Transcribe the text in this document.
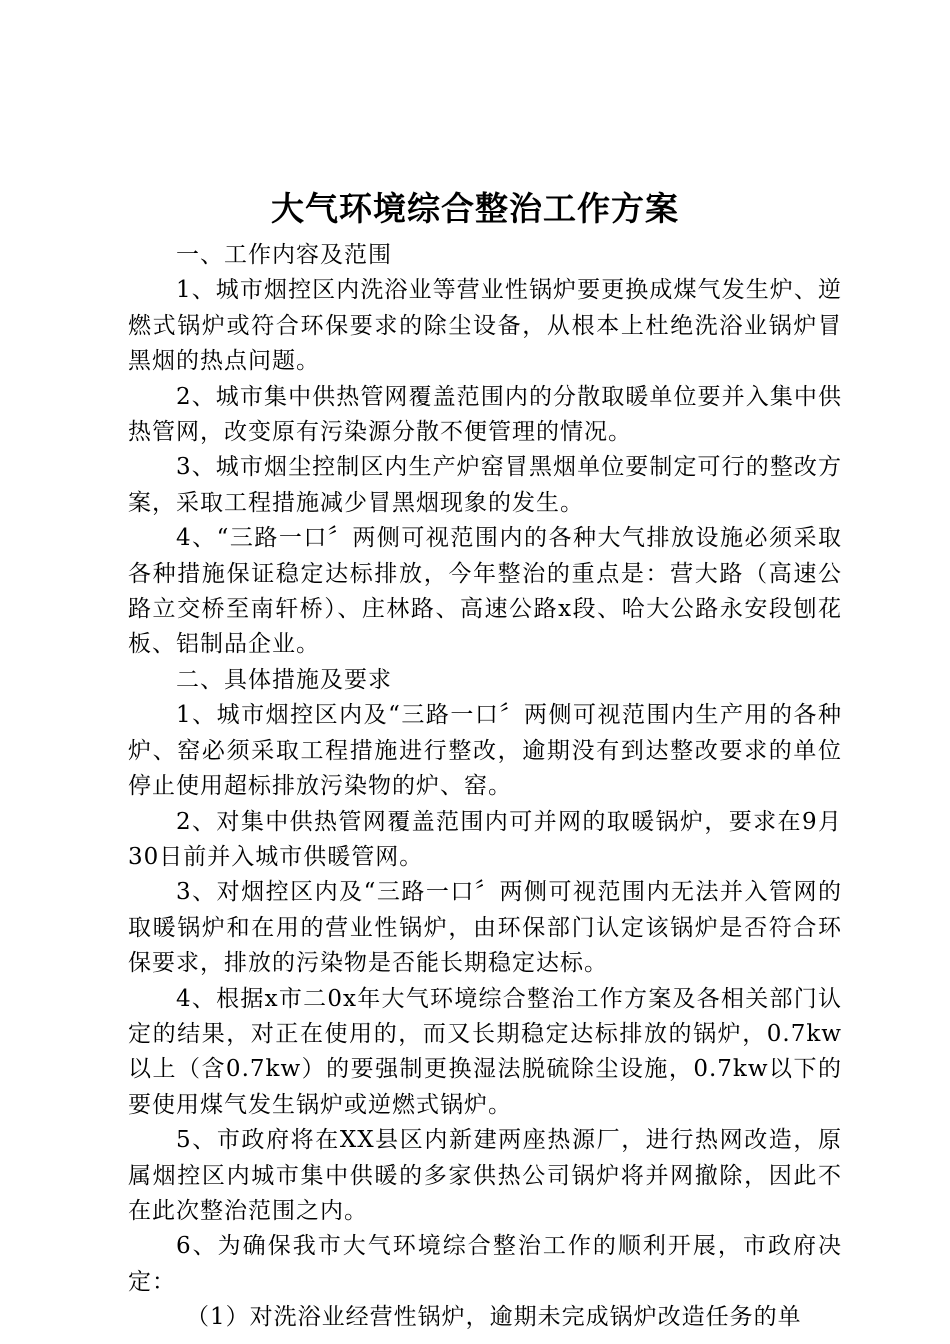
大气环境综合整治工作方案

一、工作内容及范围

1、城市烟控区内洗浴业等营业性锅炉要更换成煤气发生炉、逆燃式锅炉或符合环保要求的除尘设备，从根本上杜绝洗浴业锅炉冒黑烟的热点问题。

2、城市集中供热管网覆盖范围内的分散取暖单位要并入集中供热管网，改变原有污染源分散不便管理的情况。

3、城市烟尘控制区内生产炉窑冒黑烟单位要制定可行的整改方案，采取工程措施减少冒黑烟现象的发生。

4、“三路一口〞两侧可视范围内的各种大气排放设施必须采取各种措施保证稳定达标排放，今年整治的重点是：营大路（高速公路立交桥至南轩桥）、庄林路、高速公路x段、哈大公路永安段刨花板、铝制品企业。

二、具体措施及要求

1、城市烟控区内及“三路一口〞两侧可视范围内生产用的各种炉、窑必须采取工程措施进行整改，逾期没有到达整改要求的单位停止使用超标排放污染物的炉、窑。

2、对集中供热管网覆盖范围内可并网的取暖锅炉，要求在9月30日前并入城市供暖管网。

3、对烟控区内及“三路一口〞两侧可视范围内无法并入管网的取暖锅炉和在用的营业性锅炉，由环保部门认定该锅炉是否符合环保要求，排放的污染物是否能长期稳定达标。

4、根据x市二0x年大气环境综合整治工作方案及各相关部门认定的结果，对正在使用的，而又长期稳定达标排放的锅炉，0.7kw以上（含0.7kw）的要强制更换湿法脱硫除尘设施，0.7kw以下的要使用煤气发生锅炉或逆燃式锅炉。

5、市政府将在XX县区内新建两座热源厂，进行热网改造，原属烟控区内城市集中供暖的多家供热公司锅炉将并网撤除，因此不在此次整治范围之内。

6、为确保我市大气环境综合整治工作的顺利开展，市政府决定：

（1）对洗浴业经营性锅炉，逾期未完成锅炉改造任务的单
